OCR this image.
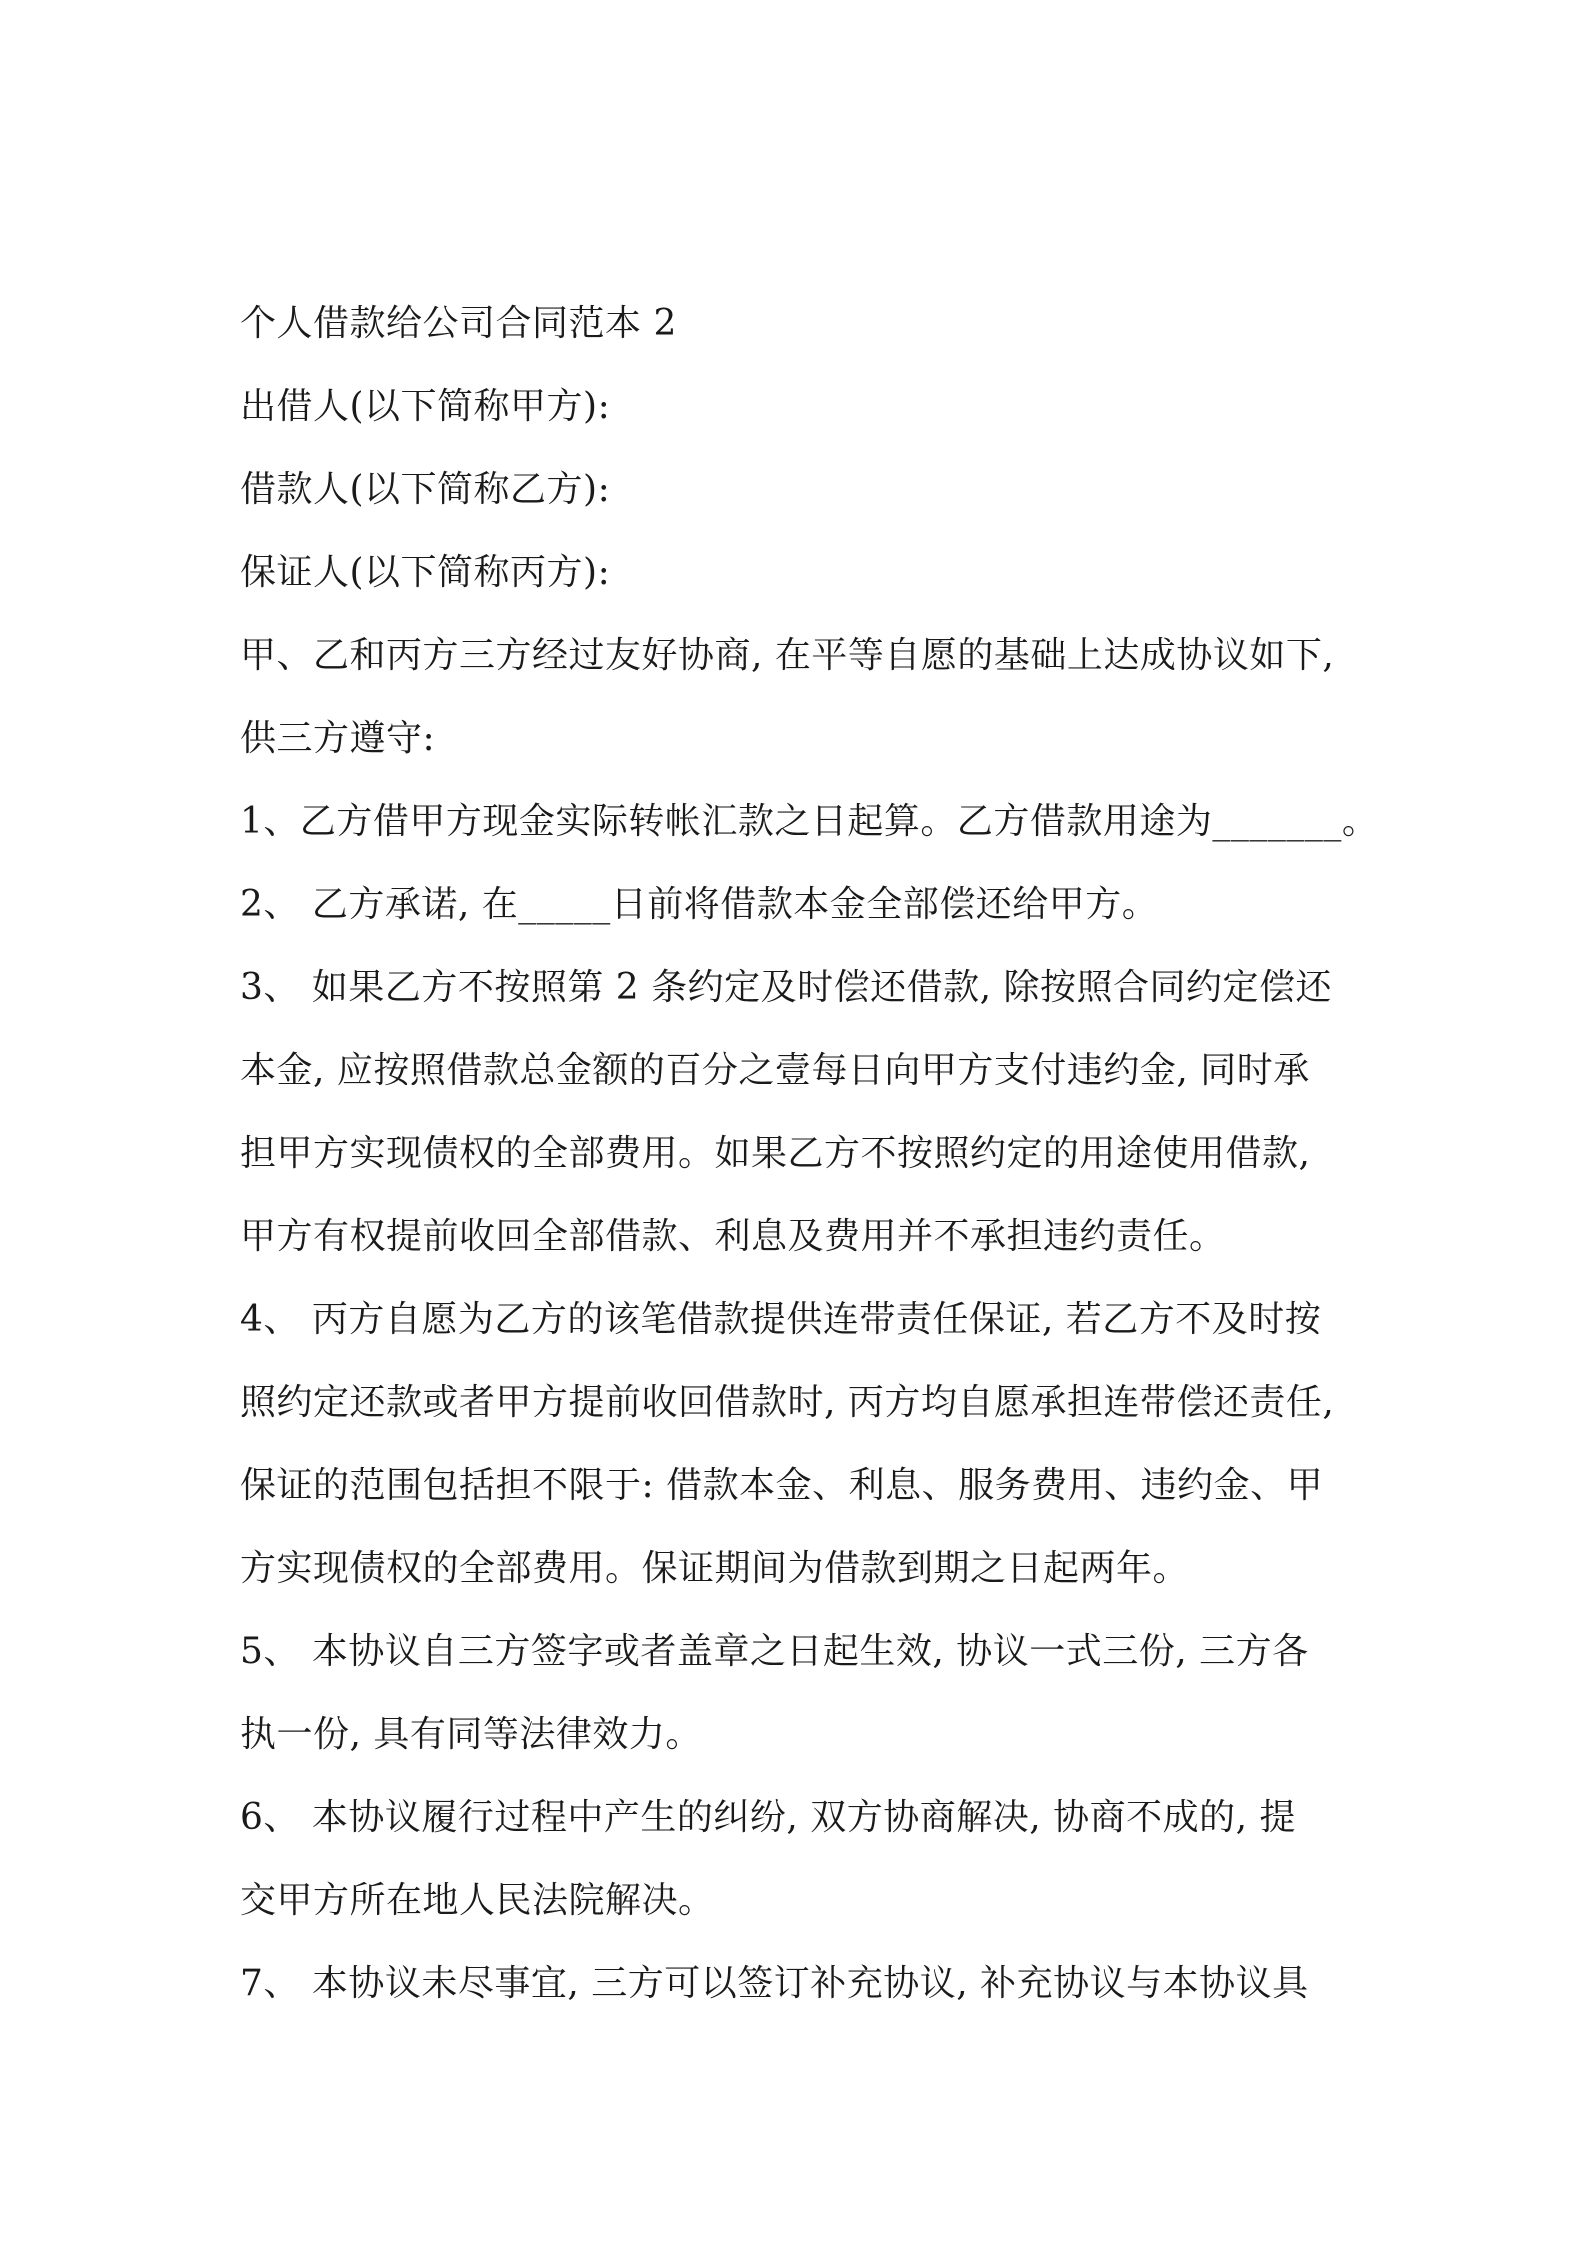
个人借款给公司合同范本 2
出借人(以下简称甲方):
借款人(以下简称乙方):
保证人(以下简称丙方):
甲、乙和丙方三方经过友好协商, 在平等自愿的基础上达成协议如下,
供三方遵守:
1、乙方借甲方现金实际转帐汇款之日起算。乙方借款用途为_______。
2、 乙方承诺, 在_____日前将借款本金全部偿还给甲方。
3、 如果乙方不按照第 2 条约定及时偿还借款, 除按照合同约定偿还
本金, 应按照借款总金额的百分之壹每日向甲方支付违约金, 同时承
担甲方实现债权的全部费用。如果乙方不按照约定的用途使用借款,
甲方有权提前收回全部借款、利息及费用并不承担违约责任。
4、 丙方自愿为乙方的该笔借款提供连带责任保证, 若乙方不及时按
照约定还款或者甲方提前收回借款时, 丙方均自愿承担连带偿还责任,
保证的范围包括担不限于: 借款本金、利息、服务费用、违约金、甲
方实现债权的全部费用。保证期间为借款到期之日起两年。
5、 本协议自三方签字或者盖章之日起生效, 协议一式三份, 三方各
执一份, 具有同等法律效力。
6、 本协议履行过程中产生的纠纷, 双方协商解决, 协商不成的, 提
交甲方所在地人民法院解决。
7、 本协议未尽事宜, 三方可以签订补充协议, 补充协议与本协议具
